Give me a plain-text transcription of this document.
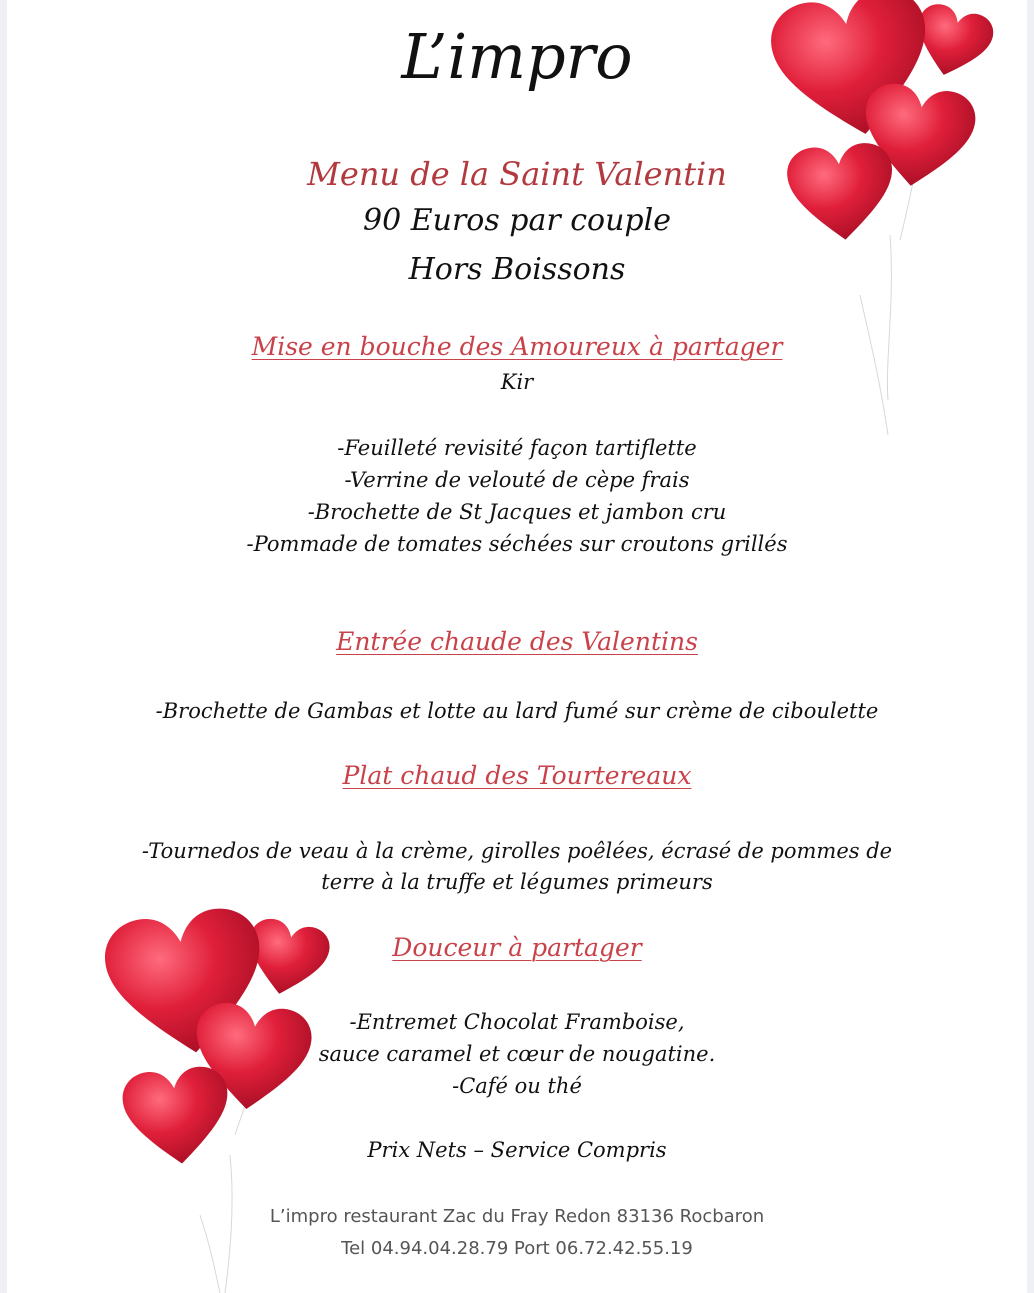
L’impro
Menu de la Saint Valentin
90 Euros par couple
Hors Boissons
Mise en bouche des Amoureux à partager
Kir
-Feuilleté revisité façon tartiflette
-Verrine de velouté de cèpe frais
-Brochette de St Jacques et jambon cru
-Pommade de tomates séchées sur croutons grillés
Entrée chaude des Valentins
-Brochette de Gambas et lotte au lard fumé sur crème de ciboulette
Plat chaud des Tourtereaux
-Tournedos de veau à la crème, girolles poêlées, écrasé de pommes de
terre à la truffe et légumes primeurs
Douceur à partager
-Entremet Chocolat Framboise,
sauce caramel et cœur de nougatine.
-Café ou thé
Prix Nets – Service Compris
L’impro restaurant Zac du Fray Redon 83136 Rocbaron
Tel 04.94.04.28.79 Port 06.72.42.55.19
